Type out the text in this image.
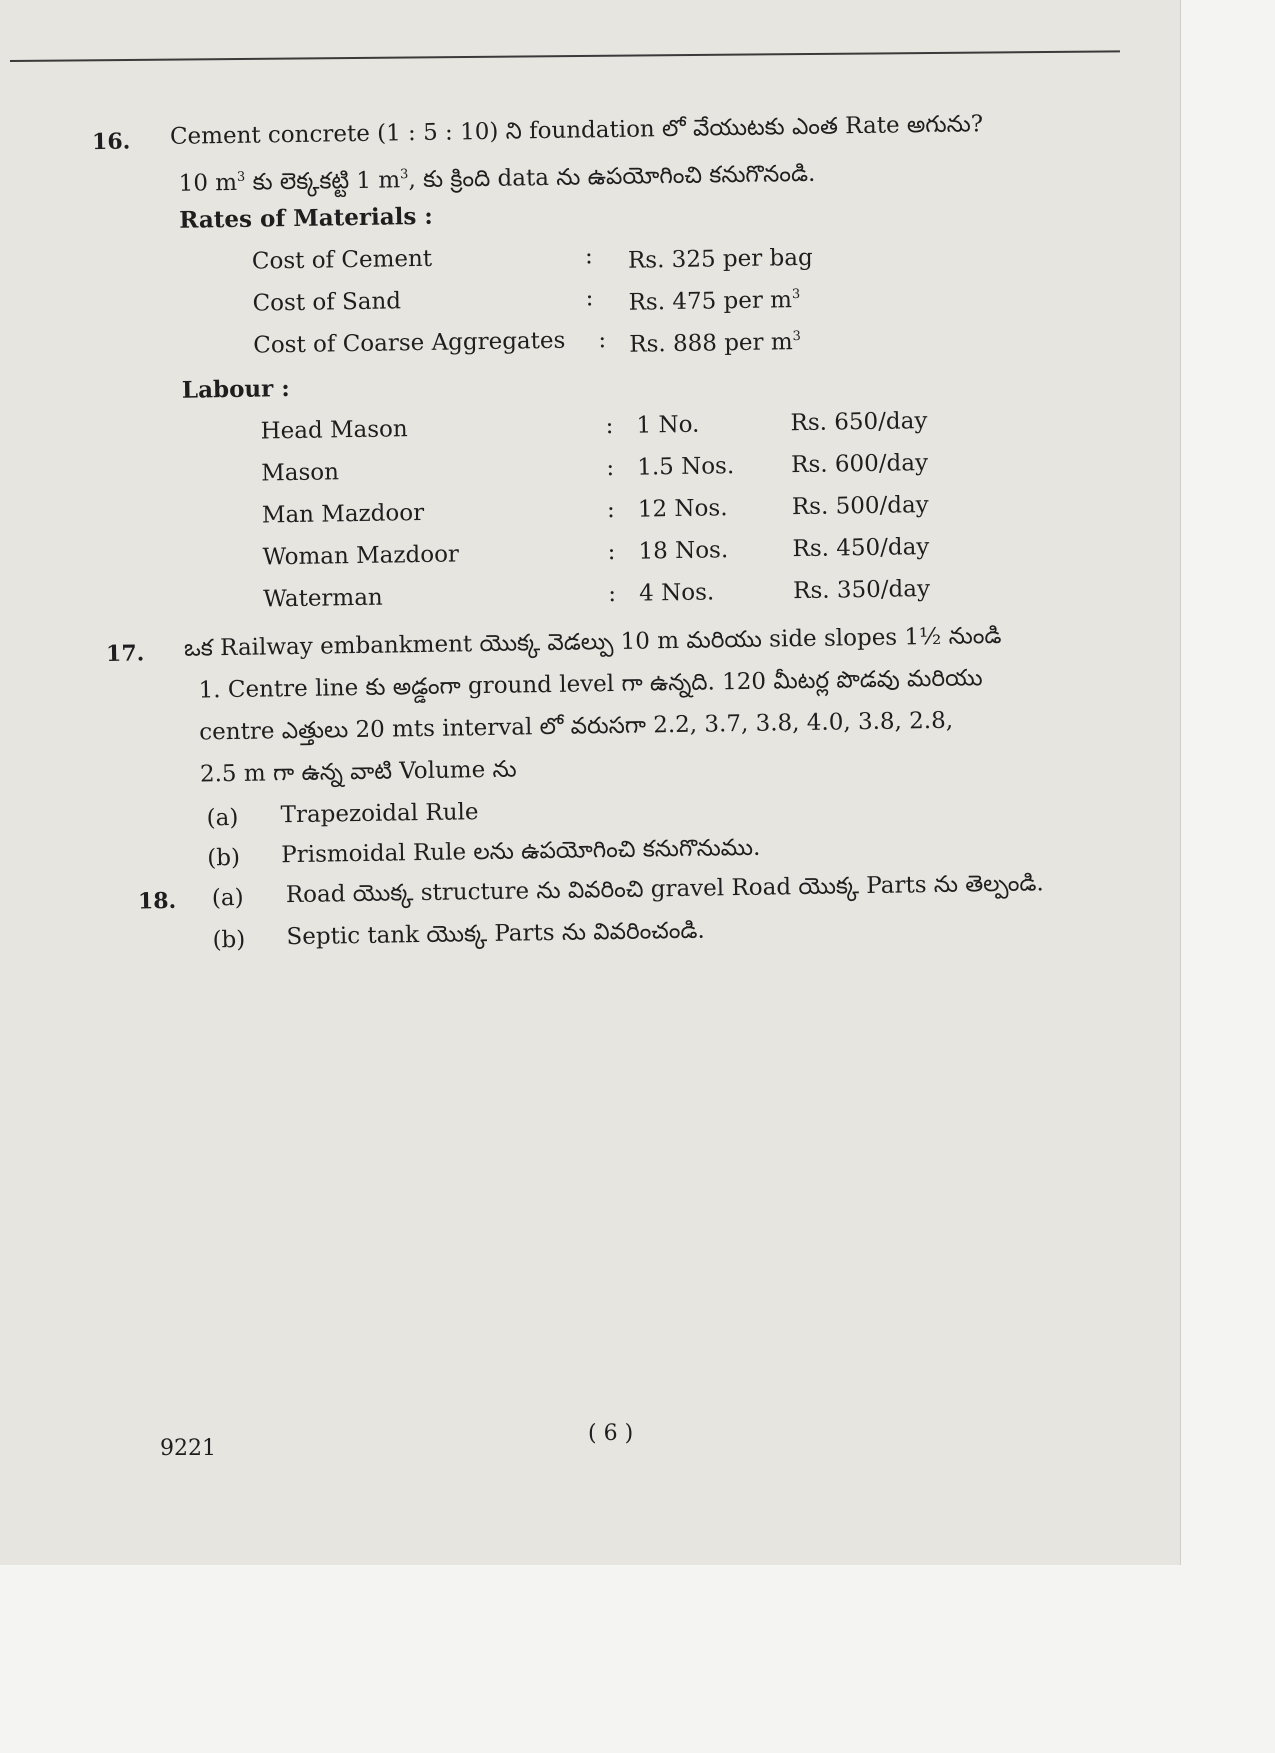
16. Cement concrete (1 : 5 : 10) ని foundation లో వేయుటకు ఎంత Rate అగును?
10 $m^3$ కు లెక్కకట్టి 1 $m^3$, కు క్రింది data ను ఉపయోగించి కనుగొనండి.
Rates of Materials :
Cost of Cement	: Rs. 325 per bag
Cost of Sand	: Rs. 475 per $m^3$
Cost of Coarse Aggregates : Rs. 888 per $m^3$
Labour :
Head Mason	: 1 No.	Rs. 650/day
Mason	: 1.5 Nos. Rs. 600/day
Man Mazdoor	: 12 Nos.	Rs. 500/day
Woman Mazdoor	: 18 Nos.	Rs. 450/day
Waterman	: 4 Nos.	Rs. 350/day
17. ఒక Railway embankment యొక్క వెడల్పు 10 m మరియు side slopes 1½ నుండి
1. Centre line కు అడ్డంగా ground level గా ఉన్నది. 120 మీటర్ల పొడవు మరియు
centre ఎత్తులు 20 mts interval లో వరుసగా 2.2, 3.7, 3.8, 4.0, 3.8, 2.8,
2.5 m గా ఉన్న వాటి Volume ను
(a) Trapezoidal Rule
(b) Prismoidal Rule లను ఉపయోగించి కనుగొనుము.
18. (a) Road యొక్క structure ను వివరించి gravel Road యొక్క Parts ను తెల్పండి.
(b) Septic tank యొక్క Parts ను వివరించండి.
9221
( 6 )
